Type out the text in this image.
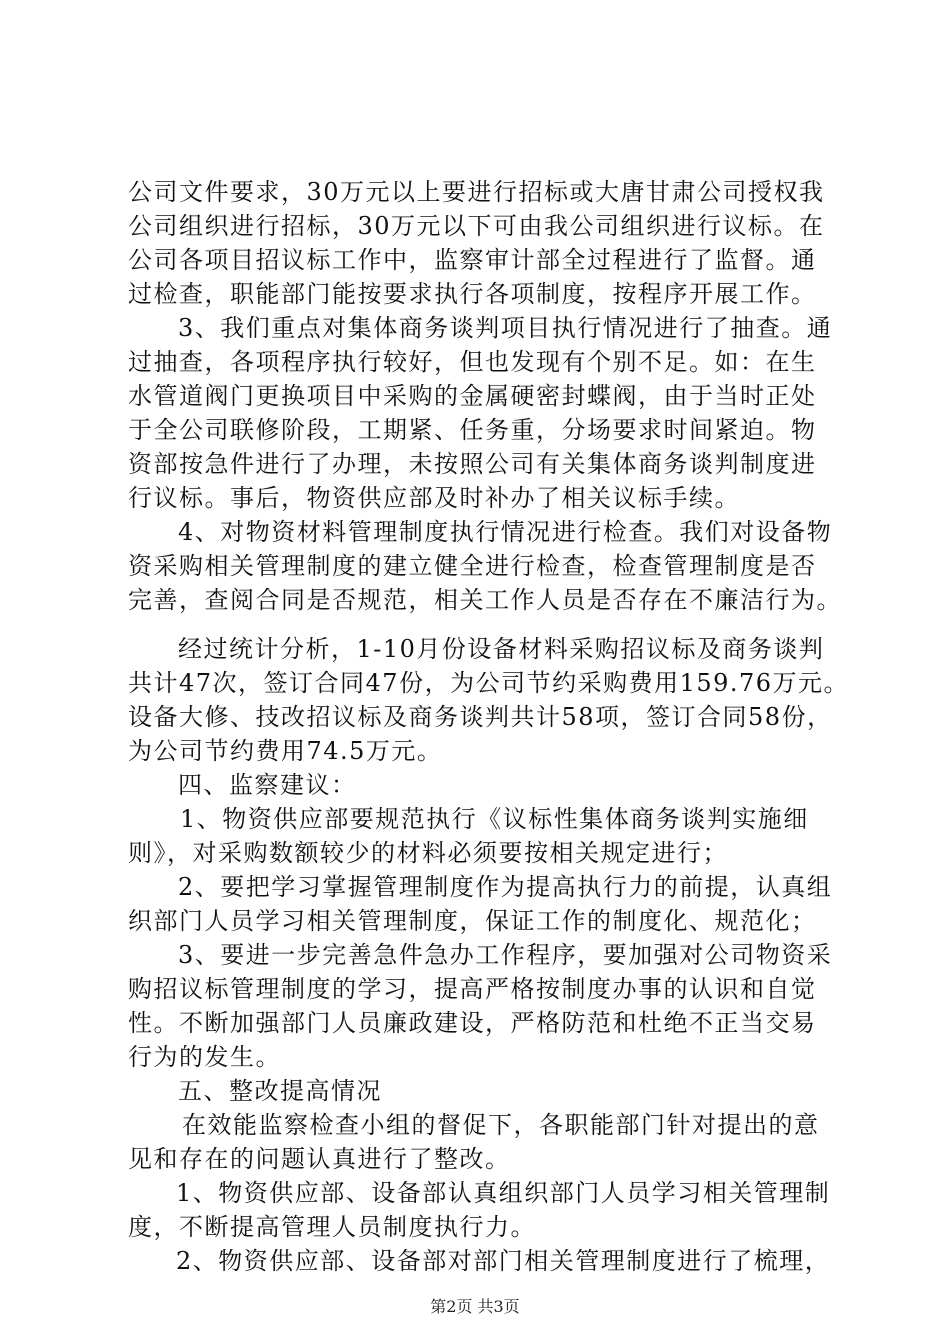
公司文件要求，30万元以上要进行招标或大唐甘肃公司授权我
公司组织进行招标，30万元以下可由我公司组织进行议标。在
公司各项目招议标工作中，监察审计部全过程进行了监督。通
过检查，职能部门能按要求执行各项制度，按程序开展工作。
3、我们重点对集体商务谈判项目执行情况进行了抽查。通
过抽查，各项程序执行较好，但也发现有个别不足。如：在生
水管道阀门更换项目中采购的金属硬密封蝶阀，由于当时正处
于全公司联修阶段，工期紧、任务重，分场要求时间紧迫。物
资部按急件进行了办理，未按照公司有关集体商务谈判制度进
行议标。事后，物资供应部及时补办了相关议标手续。
4、对物资材料管理制度执行情况进行检查。我们对设备物
资采购相关管理制度的建立健全进行检查，检查管理制度是否
完善，查阅合同是否规范，相关工作人员是否存在不廉洁行为。
经过统计分析，1-10月份设备材料采购招议标及商务谈判
共计47次，签订合同47份，为公司节约采购费用159.76万元。
设备大修、技改招议标及商务谈判共计58项，签订合同58份，
为公司节约费用74.5万元。
四、监察建议：
1、物资供应部要规范执行《议标性集体商务谈判实施细
则》，对采购数额较少的材料必须要按相关规定进行；
2、要把学习掌握管理制度作为提高执行力的前提，认真组
织部门人员学习相关管理制度，保证工作的制度化、规范化；
3、要进一步完善急件急办工作程序，要加强对公司物资采
购招议标管理制度的学习，提高严格按制度办事的认识和自觉
性。不断加强部门人员廉政建设，严格防范和杜绝不正当交易
行为的发生。
五、整改提高情况
在效能监察检查小组的督促下，各职能部门针对提出的意
见和存在的问题认真进行了整改。
1、物资供应部、设备部认真组织部门人员学习相关管理制
度，不断提高管理人员制度执行力。
2、物资供应部、设备部对部门相关管理制度进行了梳理，
第2页 共3页
